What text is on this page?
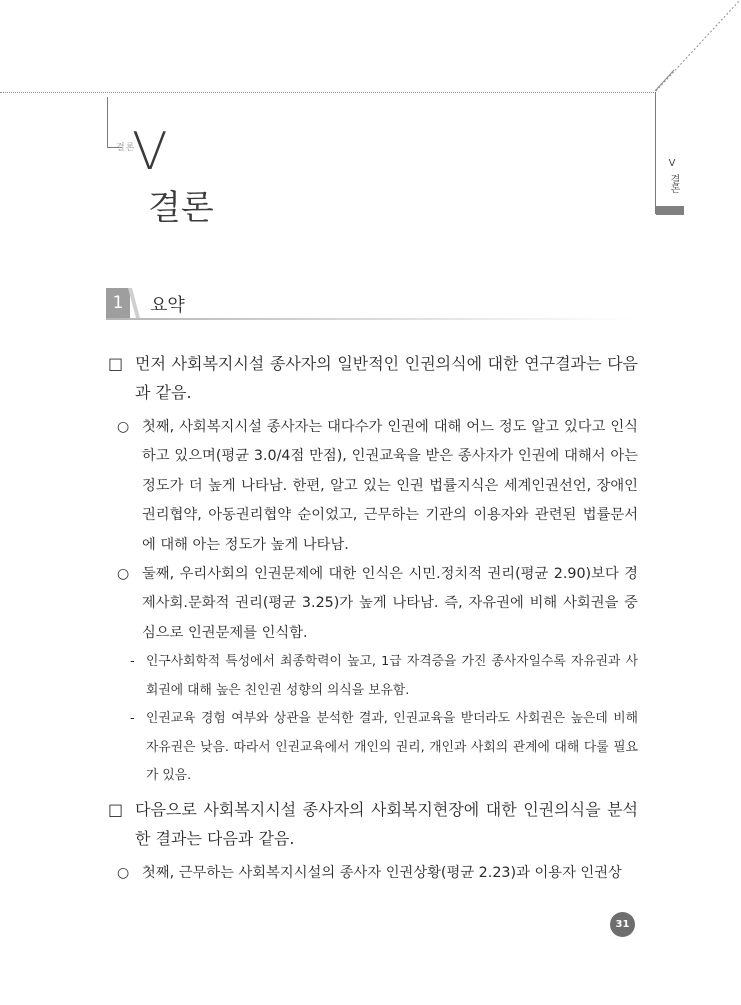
결론
V
결론
V
결론
1	요약
□ 먼저 사회복지시설 종사자의 일반적인 인권의식에 대한 연구결과는 다음과 같음.
○ 첫째, 사회복지시설 종사자는 대다수가 인권에 대해 어느 정도 알고 있다고 인식하고 있으며(평균 3.0/4점 만점), 인권교육을 받은 종사자가 인권에 대해서 아는 정도가 더 높게 나타남. 한편, 알고 있는 인권 법률지식은 세계인권선언, 장애인권리협약, 아동권리협약 순이었고, 근무하는 기관의 이용자와 관련된 법률문서에 대해 아는 정도가 높게 나타남.
○ 둘째, 우리사회의 인권문제에 대한 인식은 시민.정치적 권리(평균 2.90)보다 경제사회.문화적 권리(평균 3.25)가 높게 나타남. 즉, 자유권에 비해 사회권을 중심으로 인권문제를 인식함.
- 인구사회학적 특성에서 최종학력이 높고, 1급 자격증을 가진 종사자일수록 자유권과 사회권에 대해 높은 친인권 성향의 의식을 보유함.
- 인권교육 경험 여부와 상관을 분석한 결과, 인권교육을 받더라도 사회권은 높은데 비해 자유권은 낮음. 따라서 인권교육에서 개인의 권리, 개인과 사회의 관계에 대해 다룰 필요가 있음.
□ 다음으로 사회복지시설 종사자의 사회복지현장에 대한 인권의식을 분석한 결과는 다음과 같음.
○ 첫째, 근무하는 사회복지시설의 종사자 인권상황(평균 2.23)과 이용자 인권상
31
